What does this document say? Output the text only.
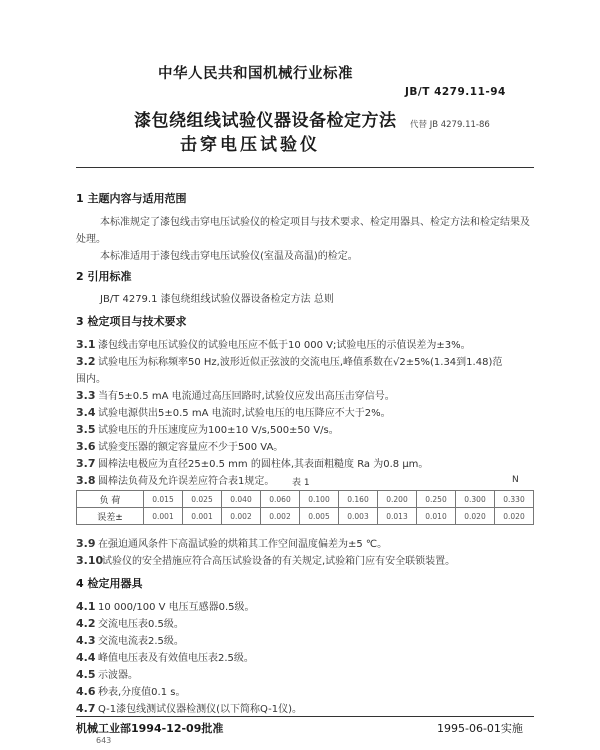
中华人民共和国机械行业标准
JB/T 4279.11-94
漆包绕组线试验仪器设备检定方法
击穿电压试验仪
代替 JB 4279.11-86
1 主题内容与适用范围
本标准规定了漆包线击穿电压试验仪的检定项目与技术要求、检定用器具、检定方法和检定结果及
处理。
本标准适用于漆包线击穿电压试验仪(室温及高温)的检定。
2 引用标准
JB/T 4279.1 漆包绕组线试验仪器设备检定方法 总则
3 检定项目与技术要求
3.1 漆包线击穿电压试验仪的试验电压应不低于10 000 V;试验电压的示值误差为±3%。
3.2 试验电压为标称频率50 Hz,波形近似正弦波的交流电压,峰值系数在√2±5%(1.34到1.48)范
围内。
3.3 当有5±0.5 mA 电流通过高压回路时,试验仪应发出高压击穿信号。
3.4 试验电源供出5±0.5 mA 电流时,试验电压的电压降应不大于2%。
3.5 试验电压的升压速度应为100±10 V/s,500±50 V/s。
3.6 试验变压器的额定容量应不少于500 VA。
3.7 圆棒法电极应为直径25±0.5 mm 的圆柱体,其表面粗糙度 Ra 为0.8 μm。
3.8 圆棒法负荷及允许误差应符合表1规定。 表 1	N
负 荷	0.015	0.025	0.040	0.060	0.100	0.160	0.200	0.250	0.300	0.330
误差±	0.001	0.001	0.002	0.002	0.005	0.003	0.013	0.010	0.020	0.020
3.9 在强迫通风条件下高温试验的烘箱其工作空间温度偏差为±5 ℃。
3.10试验仪的安全措施应符合高压试验设备的有关规定,试验箱门应有安全联锁装置。
4 检定用器具
4.1 10 000/100 V 电压互感器0.5级。
4.2 交流电压表0.5级。
4.3 交流电流表2.5级。
4.4 峰值电压表及有效值电压表2.5级。
4.5 示波器。
4.6 秒表,分度值0.1 s。
4.7 Q-1漆包线测试仪器检测仪(以下简称Q-1仪)。
机械工业部1994-12-09批准	1995-06-01实施
643
